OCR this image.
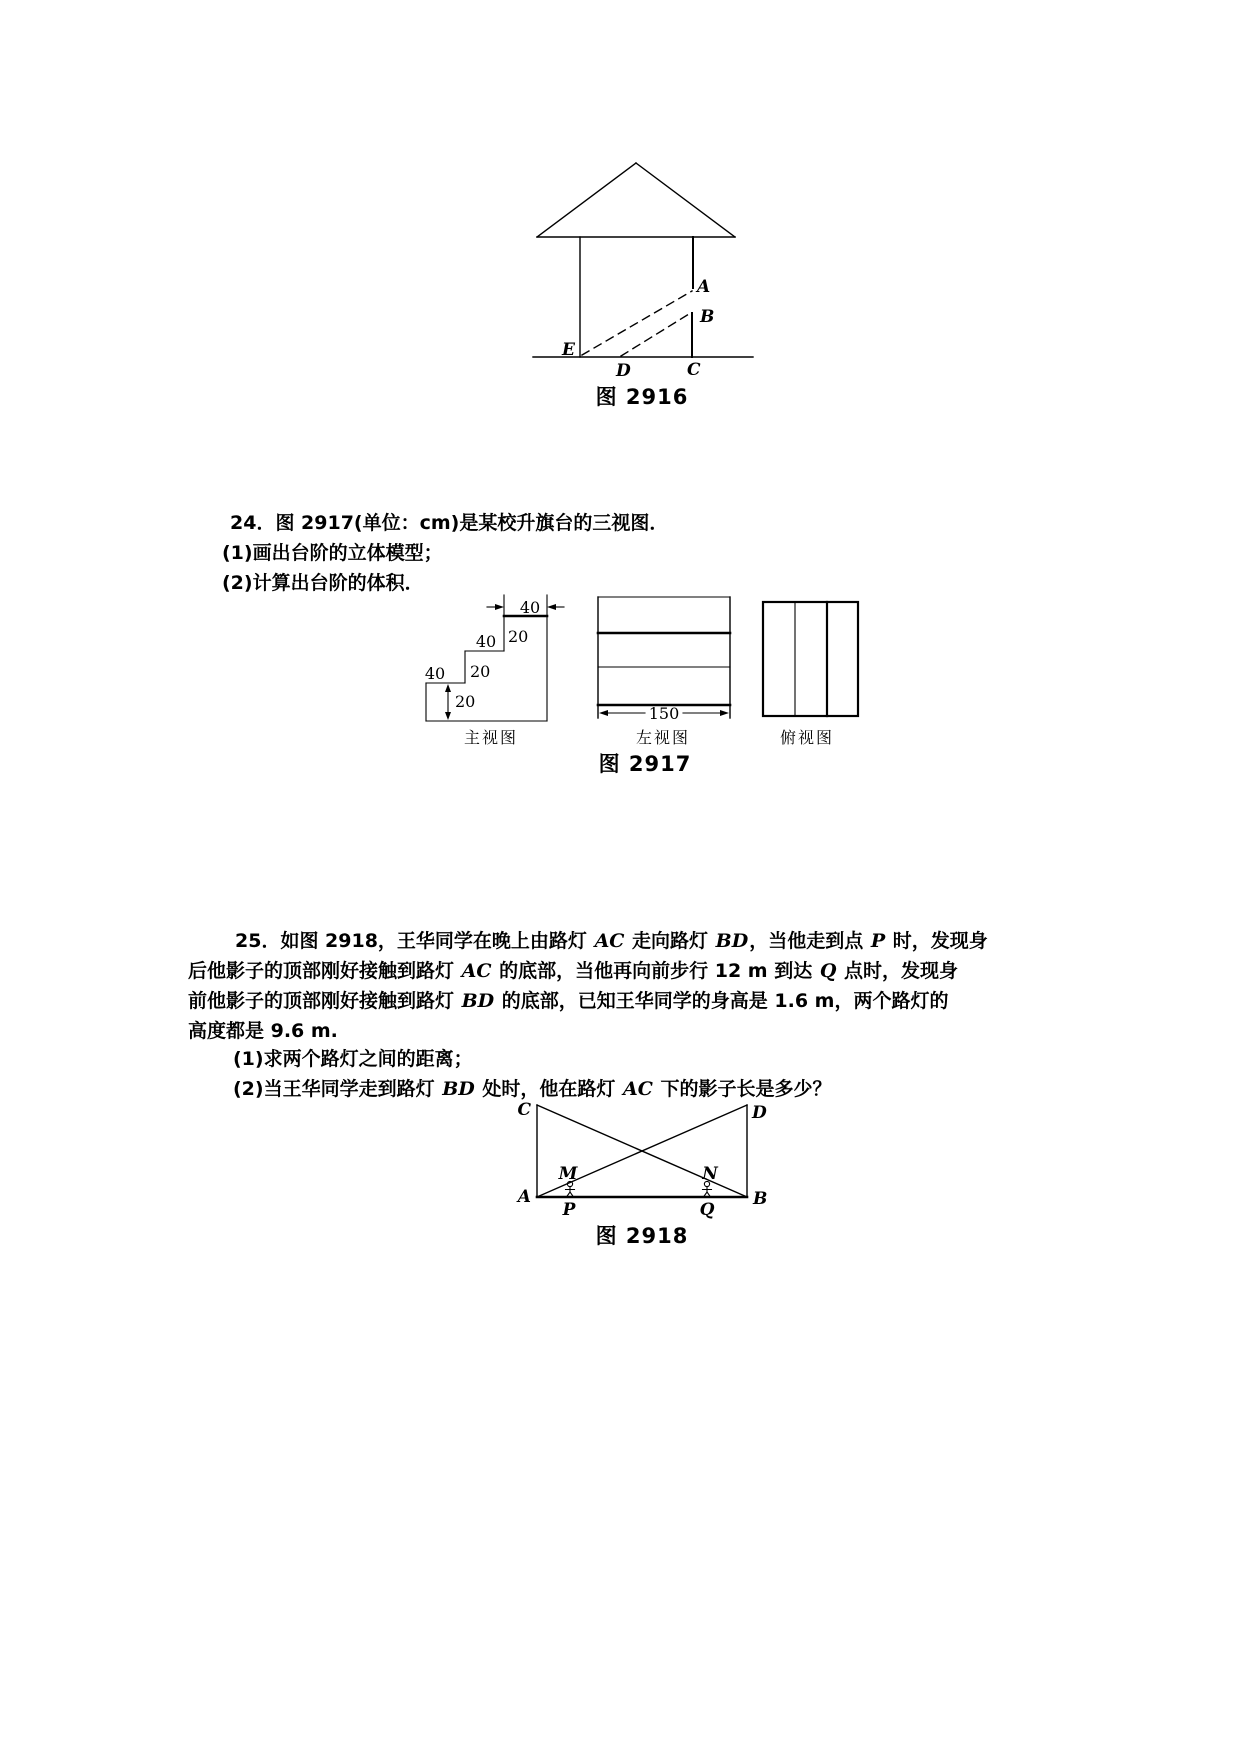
A
B
C
D
E
图 2916
24．图 2917(单位：cm)是某校升旗台的三视图．
(1)画出台阶的立体模型；
(2)计算出台阶的体积．
40
40
40
20
20
20
主视图
150
左视图	俯视图
图 2917
25．如图 2918，王华同学在晚上由路灯 AC 走向路灯 BD，当他走到点 P 时，发现身
后他影子的顶部刚好接触到路灯 AC 的底部，当他再向前步行 12 m 到达 Q 点时，发现身
前他影子的顶部刚好接触到路灯 BD 的底部，已知王华同学的身高是 1.6 m，两个路灯的
高度都是 9.6 m.
(1)求两个路灯之间的距离；
(2)当王华同学走到路灯 BD 处时，他在路灯 AC 下的影子长是多少？
C	D
A	B
M	N
P	Q
图 2918
